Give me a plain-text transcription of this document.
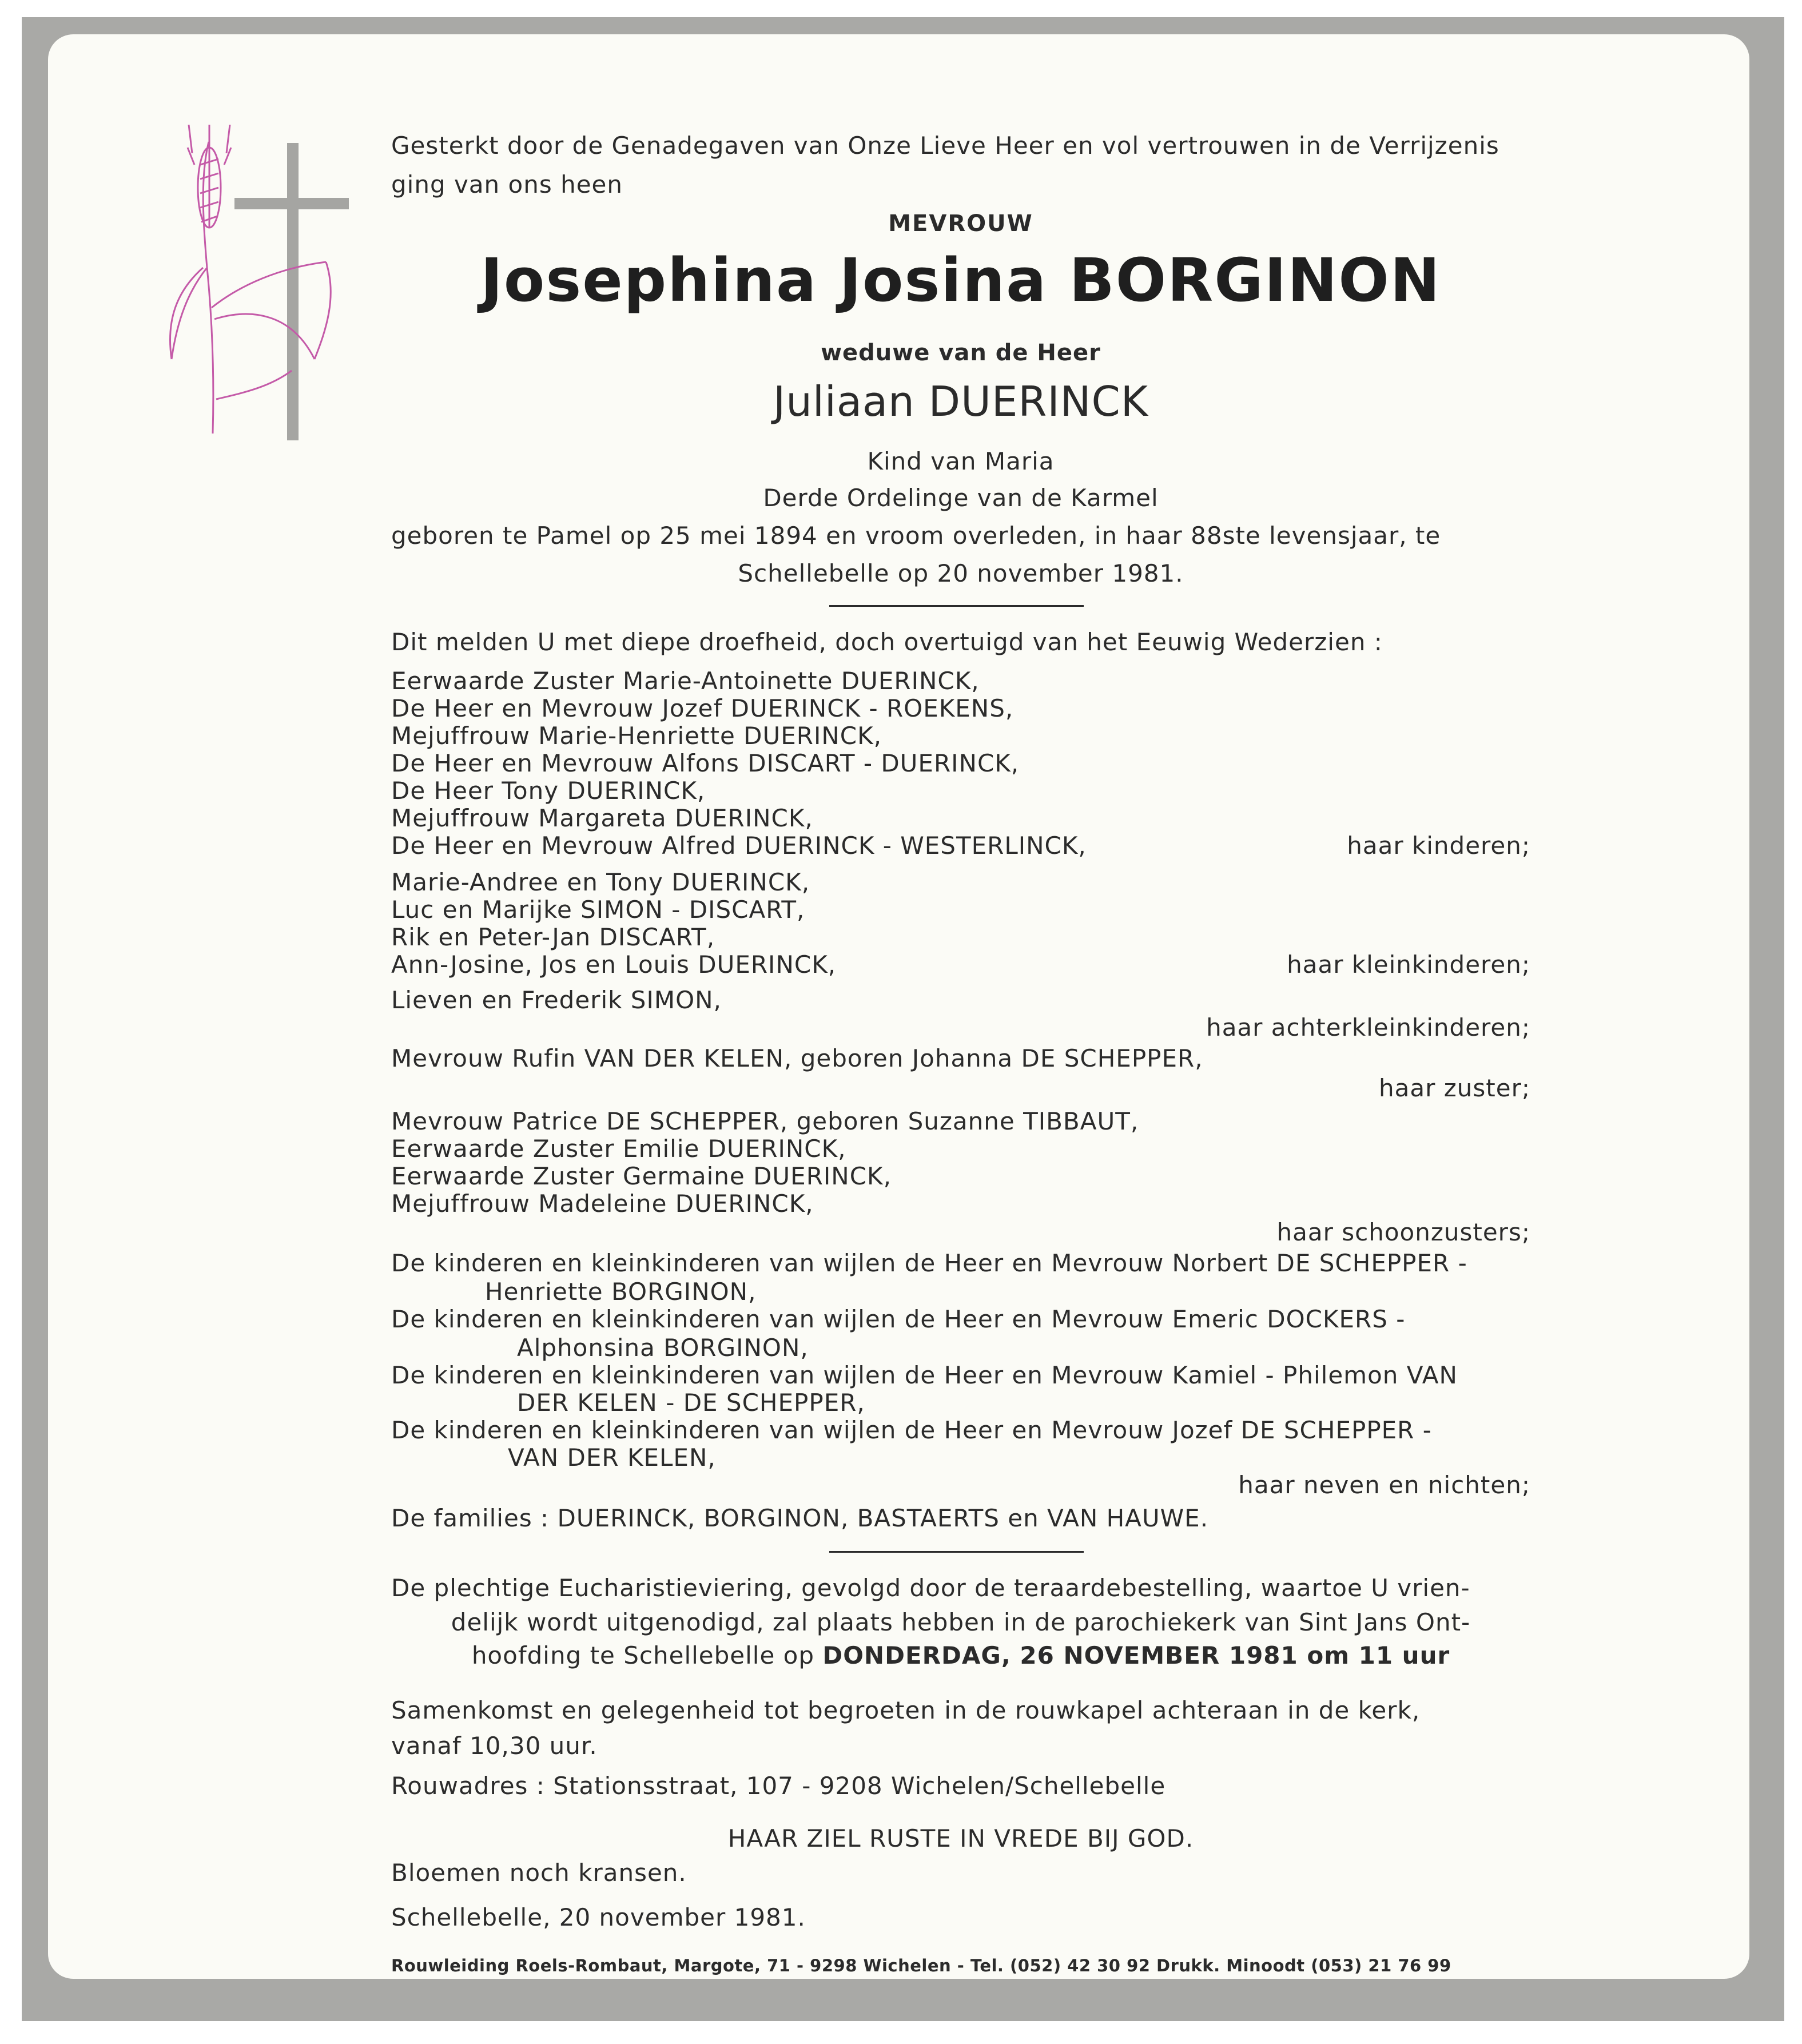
Gesterkt door de Genadegaven van Onze Lieve Heer en vol vertrouwen in de Verrijzenis
ging van ons heen
MEVROUW
Josephina Josina BORGINON
weduwe van de Heer
Juliaan DUERINCK
Kind van Maria
Derde Ordelinge van de Karmel
geboren te Pamel op 25 mei 1894 en vroom overleden, in haar 88ste levensjaar, te
Schellebelle op 20 november 1981.
Dit melden U met diepe droefheid, doch overtuigd van het Eeuwig Wederzien :
Eerwaarde Zuster Marie-Antoinette DUERINCK,
De Heer en Mevrouw Jozef DUERINCK - ROEKENS,
Mejuffrouw Marie-Henriette DUERINCK,
De Heer en Mevrouw Alfons DISCART - DUERINCK,
De Heer Tony DUERINCK,
Mejuffrouw Margareta DUERINCK,
De Heer en Mevrouw Alfred DUERINCK - WESTERLINCK,	haar kinderen;
Marie-Andree en Tony DUERINCK,
Luc en Marijke SIMON - DISCART,
Rik en Peter-Jan DISCART,
Ann-Josine, Jos en Louis DUERINCK,	haar kleinkinderen;
Lieven en Frederik SIMON,
haar achterkleinkinderen;
Mevrouw Rufin VAN DER KELEN, geboren Johanna DE SCHEPPER,
haar zuster;
Mevrouw Patrice DE SCHEPPER, geboren Suzanne TIBBAUT,
Eerwaarde Zuster Emilie DUERINCK,
Eerwaarde Zuster Germaine DUERINCK,
Mejuffrouw Madeleine DUERINCK,
haar schoonzusters;
De kinderen en kleinkinderen van wijlen de Heer en Mevrouw Norbert DE SCHEPPER -
Henriette BORGINON,
De kinderen en kleinkinderen van wijlen de Heer en Mevrouw Emeric DOCKERS -
Alphonsina BORGINON,
De kinderen en kleinkinderen van wijlen de Heer en Mevrouw Kamiel - Philemon VAN
DER KELEN - DE SCHEPPER,
De kinderen en kleinkinderen van wijlen de Heer en Mevrouw Jozef DE SCHEPPER -
VAN DER KELEN,
haar neven en nichten;
De families : DUERINCK, BORGINON, BASTAERTS en VAN HAUWE.
De plechtige Eucharistieviering, gevolgd door de teraardebestelling, waartoe U vrien-
delijk wordt uitgenodigd, zal plaats hebben in de parochiekerk van Sint Jans Ont-
hoofding te Schellebelle op DONDERDAG, 26 NOVEMBER 1981 om 11 uur
Samenkomst en gelegenheid tot begroeten in de rouwkapel achteraan in de kerk,
vanaf 10,30 uur.
Rouwadres : Stationsstraat, 107 - 9208 Wichelen/Schellebelle
HAAR ZIEL RUSTE IN VREDE BIJ GOD.
Bloemen noch kransen.
Schellebelle, 20 november 1981.
Rouwleiding Roels-Rombaut, Margote, 71 - 9298 Wichelen - Tel. (052) 42 30 92 Drukk. Minoodt (053) 21 76 99
